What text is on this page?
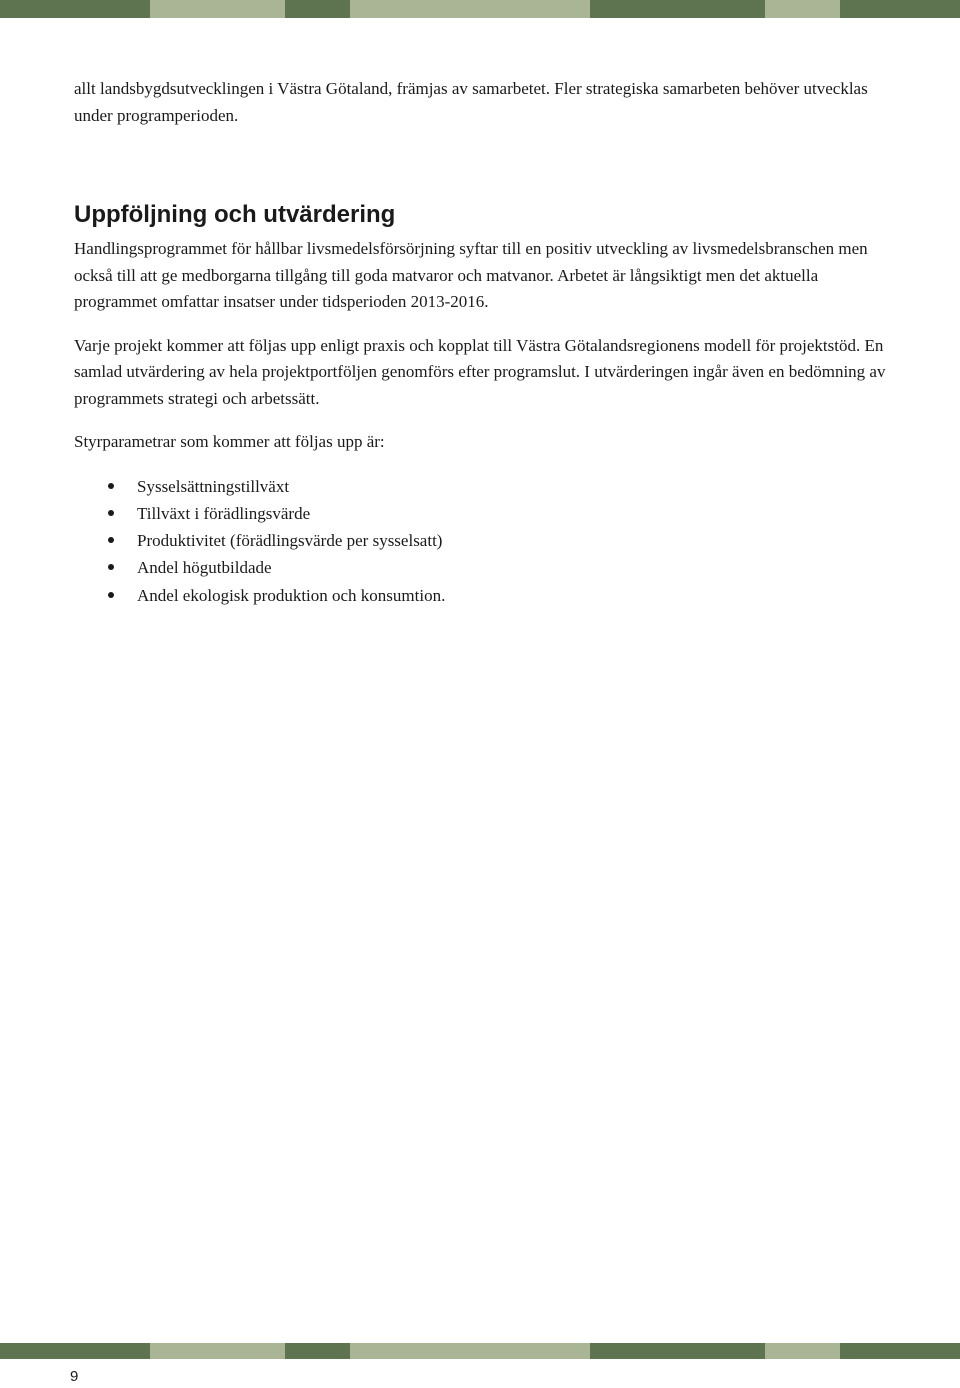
allt landsbygdsutvecklingen i Västra Götaland, främjas av samarbetet. Fler strategiska samarbeten behöver utvecklas under programperioden.

Uppföljning och utvärdering

Handlingsprogrammet för hållbar livsmedelsförsörjning syftar till en positiv utveckling av livsmedelsbranschen men också till att ge medborgarna tillgång till goda matvaror och matvanor. Arbetet är långsiktigt men det aktuella programmet omfattar insatser under tidsperioden 2013-2016.

Varje projekt kommer att följas upp enligt praxis och kopplat till Västra Götalandsregionens modell för projektstöd. En samlad utvärdering av hela projektportföljen genomförs efter programslut. I utvärderingen ingår även en bedömning av programmets strategi och arbetssätt.

Styrparametrar som kommer att följas upp är:

Sysselsättningstillväxt
Tillväxt i förädlingsvärde
Produktivitet (förädlingsvärde per sysselsatt)
Andel högutbildade
Andel ekologisk produktion och konsumtion.
9
